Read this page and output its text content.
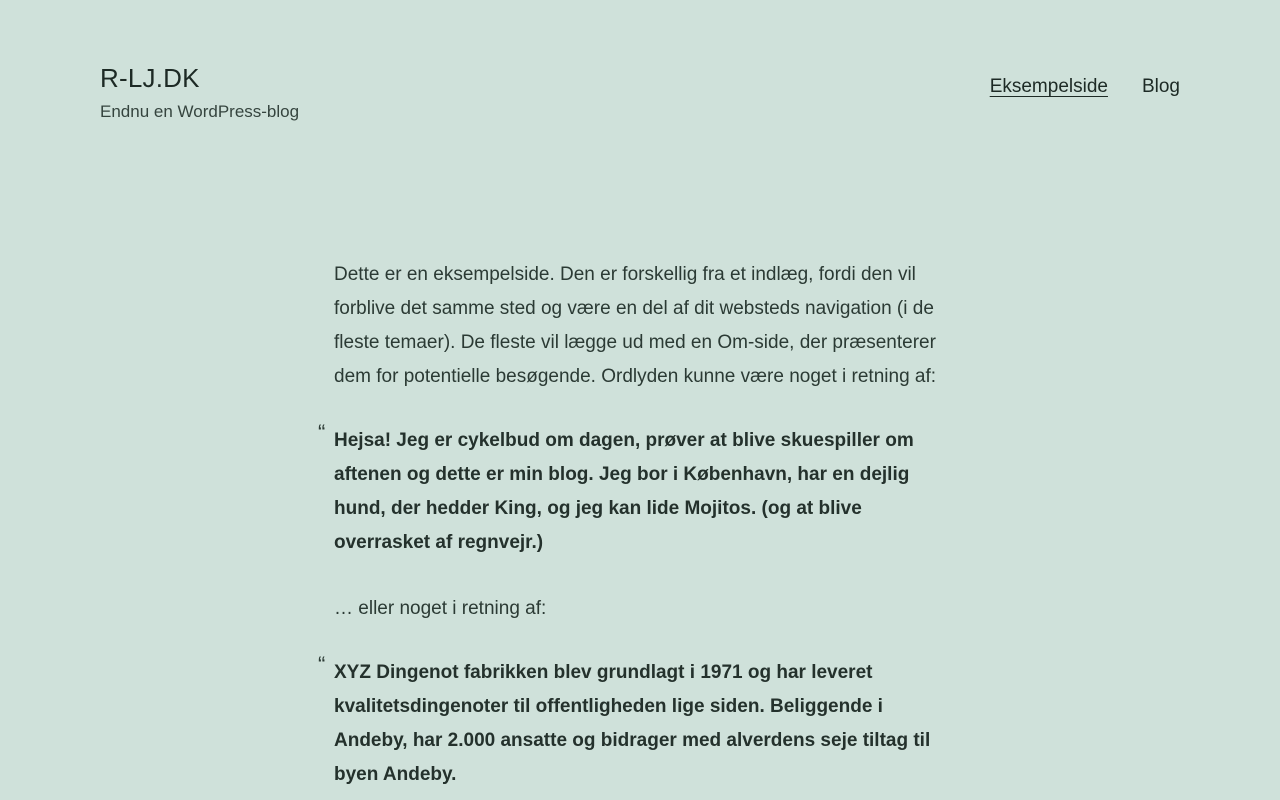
R-LJ.DK

Endnu en WordPress-blog

Eksempelside Blog

Dette er en eksempelside. Den er forskellig fra et indlæg, fordi den vil forblive det samme sted og være en del af dit websteds navigation (i de fleste temaer). De fleste vil lægge ud med en Om-side, der præsenterer dem for potentielle besøgende. Ordlyden kunne være noget i retning af:

“ Hejsa! Jeg er cykelbud om dagen, prøver at blive skuespiller om aftenen og dette er min blog. Jeg bor i København, har en dejlig hund, der hedder King, og jeg kan lide Mojitos. (og at blive overrasket af regnvejr.)

… eller noget i retning af:

“ XYZ Dingenot fabrikken blev grundlagt i 1971 og har leveret kvalitetsdingenoter til offentligheden lige siden. Beliggende i Andeby, har 2.000 ansatte og bidrager med alverdens seje tiltag til byen Andeby.
